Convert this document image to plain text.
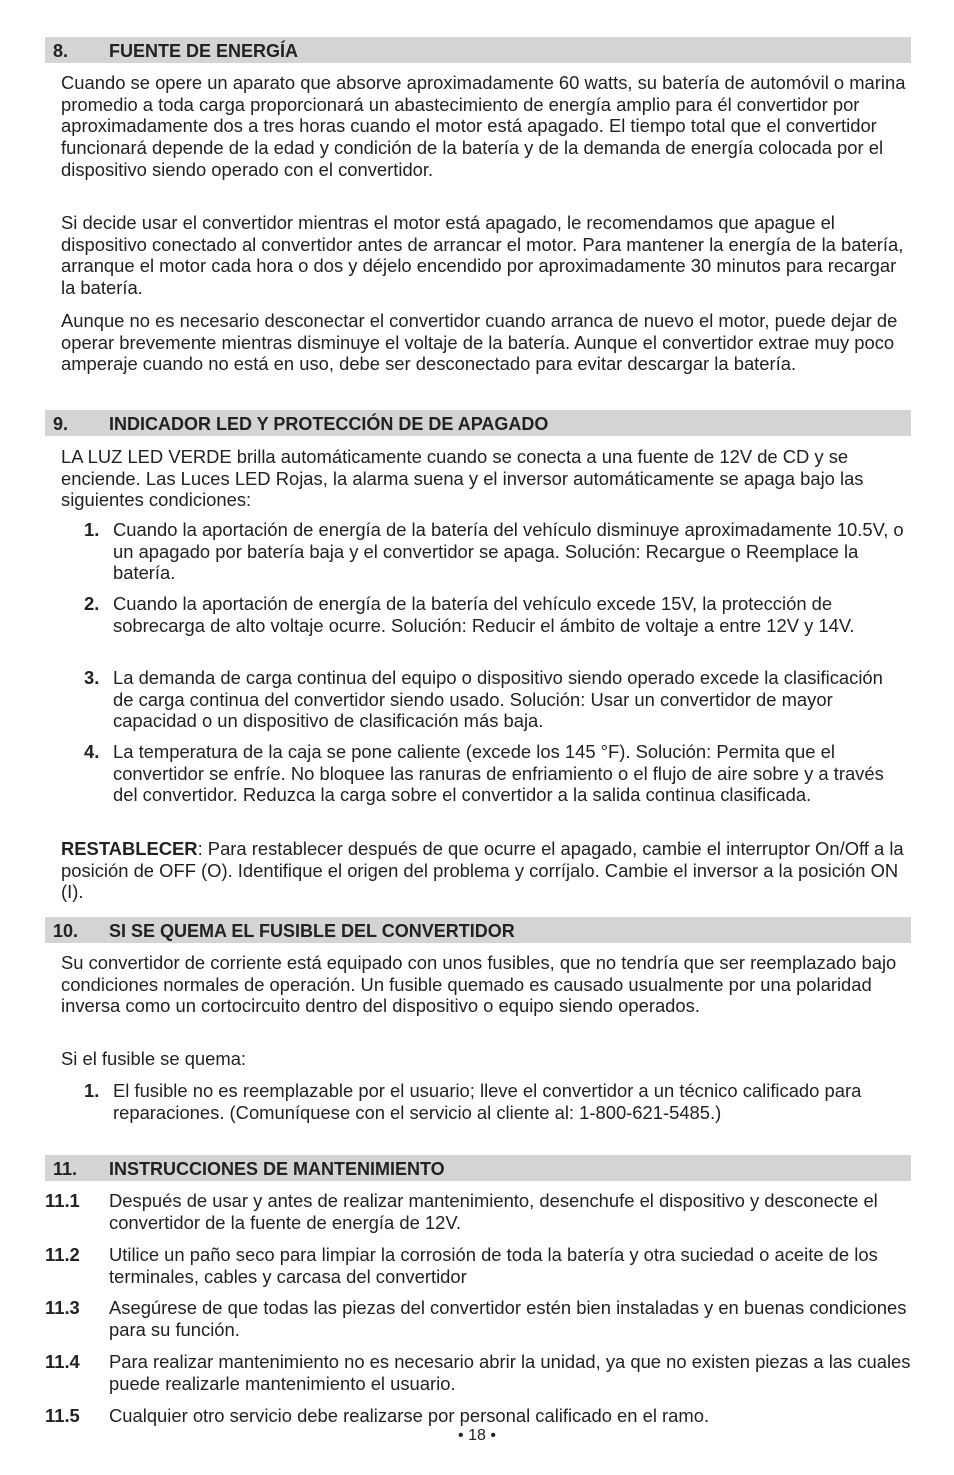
8. FUENTE DE ENERGÍA
Cuando se opere un aparato que absorve aproximadamente 60 watts, su batería de automóvil o marina promedio a toda carga proporcionará un abastecimiento de energía amplio para él convertidor por aproximadamente dos a tres horas cuando el motor está apagado. El tiempo total que el convertidor funcionará depende de la edad y condición de la batería y de la demanda de energía colocada por el dispositivo siendo operado con el convertidor.
Si decide usar el convertidor mientras el motor está apagado, le recomendamos que apague el dispositivo conectado al convertidor antes de arrancar el motor. Para mantener la energía de la batería, arranque el motor cada hora o dos y déjelo encendido por aproximadamente 30 minutos para recargar la batería.
Aunque no es necesario desconectar el convertidor cuando arranca de nuevo el motor, puede dejar de operar brevemente mientras disminuye el voltaje de la batería. Aunque el convertidor extrae muy poco amperaje cuando no está en uso, debe ser desconectado para evitar descargar la batería.
9. INDICADOR LED Y PROTECCIÓN DE DE APAGADO
LA LUZ LED VERDE brilla automáticamente cuando se conecta a una fuente de 12V de CD y se enciende. Las Luces LED Rojas, la alarma suena y el inversor automáticamente se apaga bajo las siguientes condiciones:
1. Cuando la aportación de energía de la batería del vehículo disminuye aproximadamente 10.5V, o un apagado por batería baja y el convertidor se apaga. Solución: Recargue o Reemplace la batería.
2. Cuando la aportación de energía de la batería del vehículo excede 15V, la protección de sobrecarga de alto voltaje ocurre. Solución: Reducir el ámbito de voltaje a entre 12V y 14V.
3. La demanda de carga continua del equipo o dispositivo siendo operado excede la clasificación de carga continua del convertidor siendo usado. Solución: Usar un convertidor de mayor capacidad o un dispositivo de clasificación más baja.
4. La temperatura de la caja se pone caliente (excede los 145 °F). Solución: Permita que el convertidor se enfríe. No bloquee las ranuras de enfriamiento o el flujo de aire sobre y a través del convertidor. Reduzca la carga sobre el convertidor a la salida continua clasificada.
RESTABLECER: Para restablecer después de que ocurre el apagado, cambie el interruptor On/Off a la posición de OFF (O). Identifique el origen del problema y corríjalo. Cambie el inversor a la posición ON (I).
10. SI SE QUEMA EL FUSIBLE DEL CONVERTIDOR
Su convertidor de corriente está equipado con unos fusibles, que no tendría que ser reemplazado bajo condiciones normales de operación. Un fusible quemado es causado usualmente por una polaridad inversa como un cortocircuito dentro del dispositivo o equipo siendo operados.
Si el fusible se quema:
1. El fusible no es reemplazable por el usuario; lleve el convertidor a un técnico calificado para reparaciones. (Comuníquese con el servicio al cliente al: 1-800-621-5485.)
11. INSTRUCCIONES DE MANTENIMIENTO
11.1 Después de usar y antes de realizar mantenimiento, desenchufe el dispositivo y desconecte el convertidor de la fuente de energía de 12V.
11.2 Utilice un paño seco para limpiar la corrosión de toda la batería y otra suciedad o aceite de los terminales, cables y carcasa del convertidor
11.3 Asegúrese de que todas las piezas del convertidor estén bien instaladas y en buenas condiciones para su función.
11.4 Para realizar mantenimiento no es necesario abrir la unidad, ya que no existen piezas a las cuales puede realizarle mantenimiento el usuario.
11.5 Cualquier otro servicio debe realizarse por personal calificado en el ramo.
• 18 •
